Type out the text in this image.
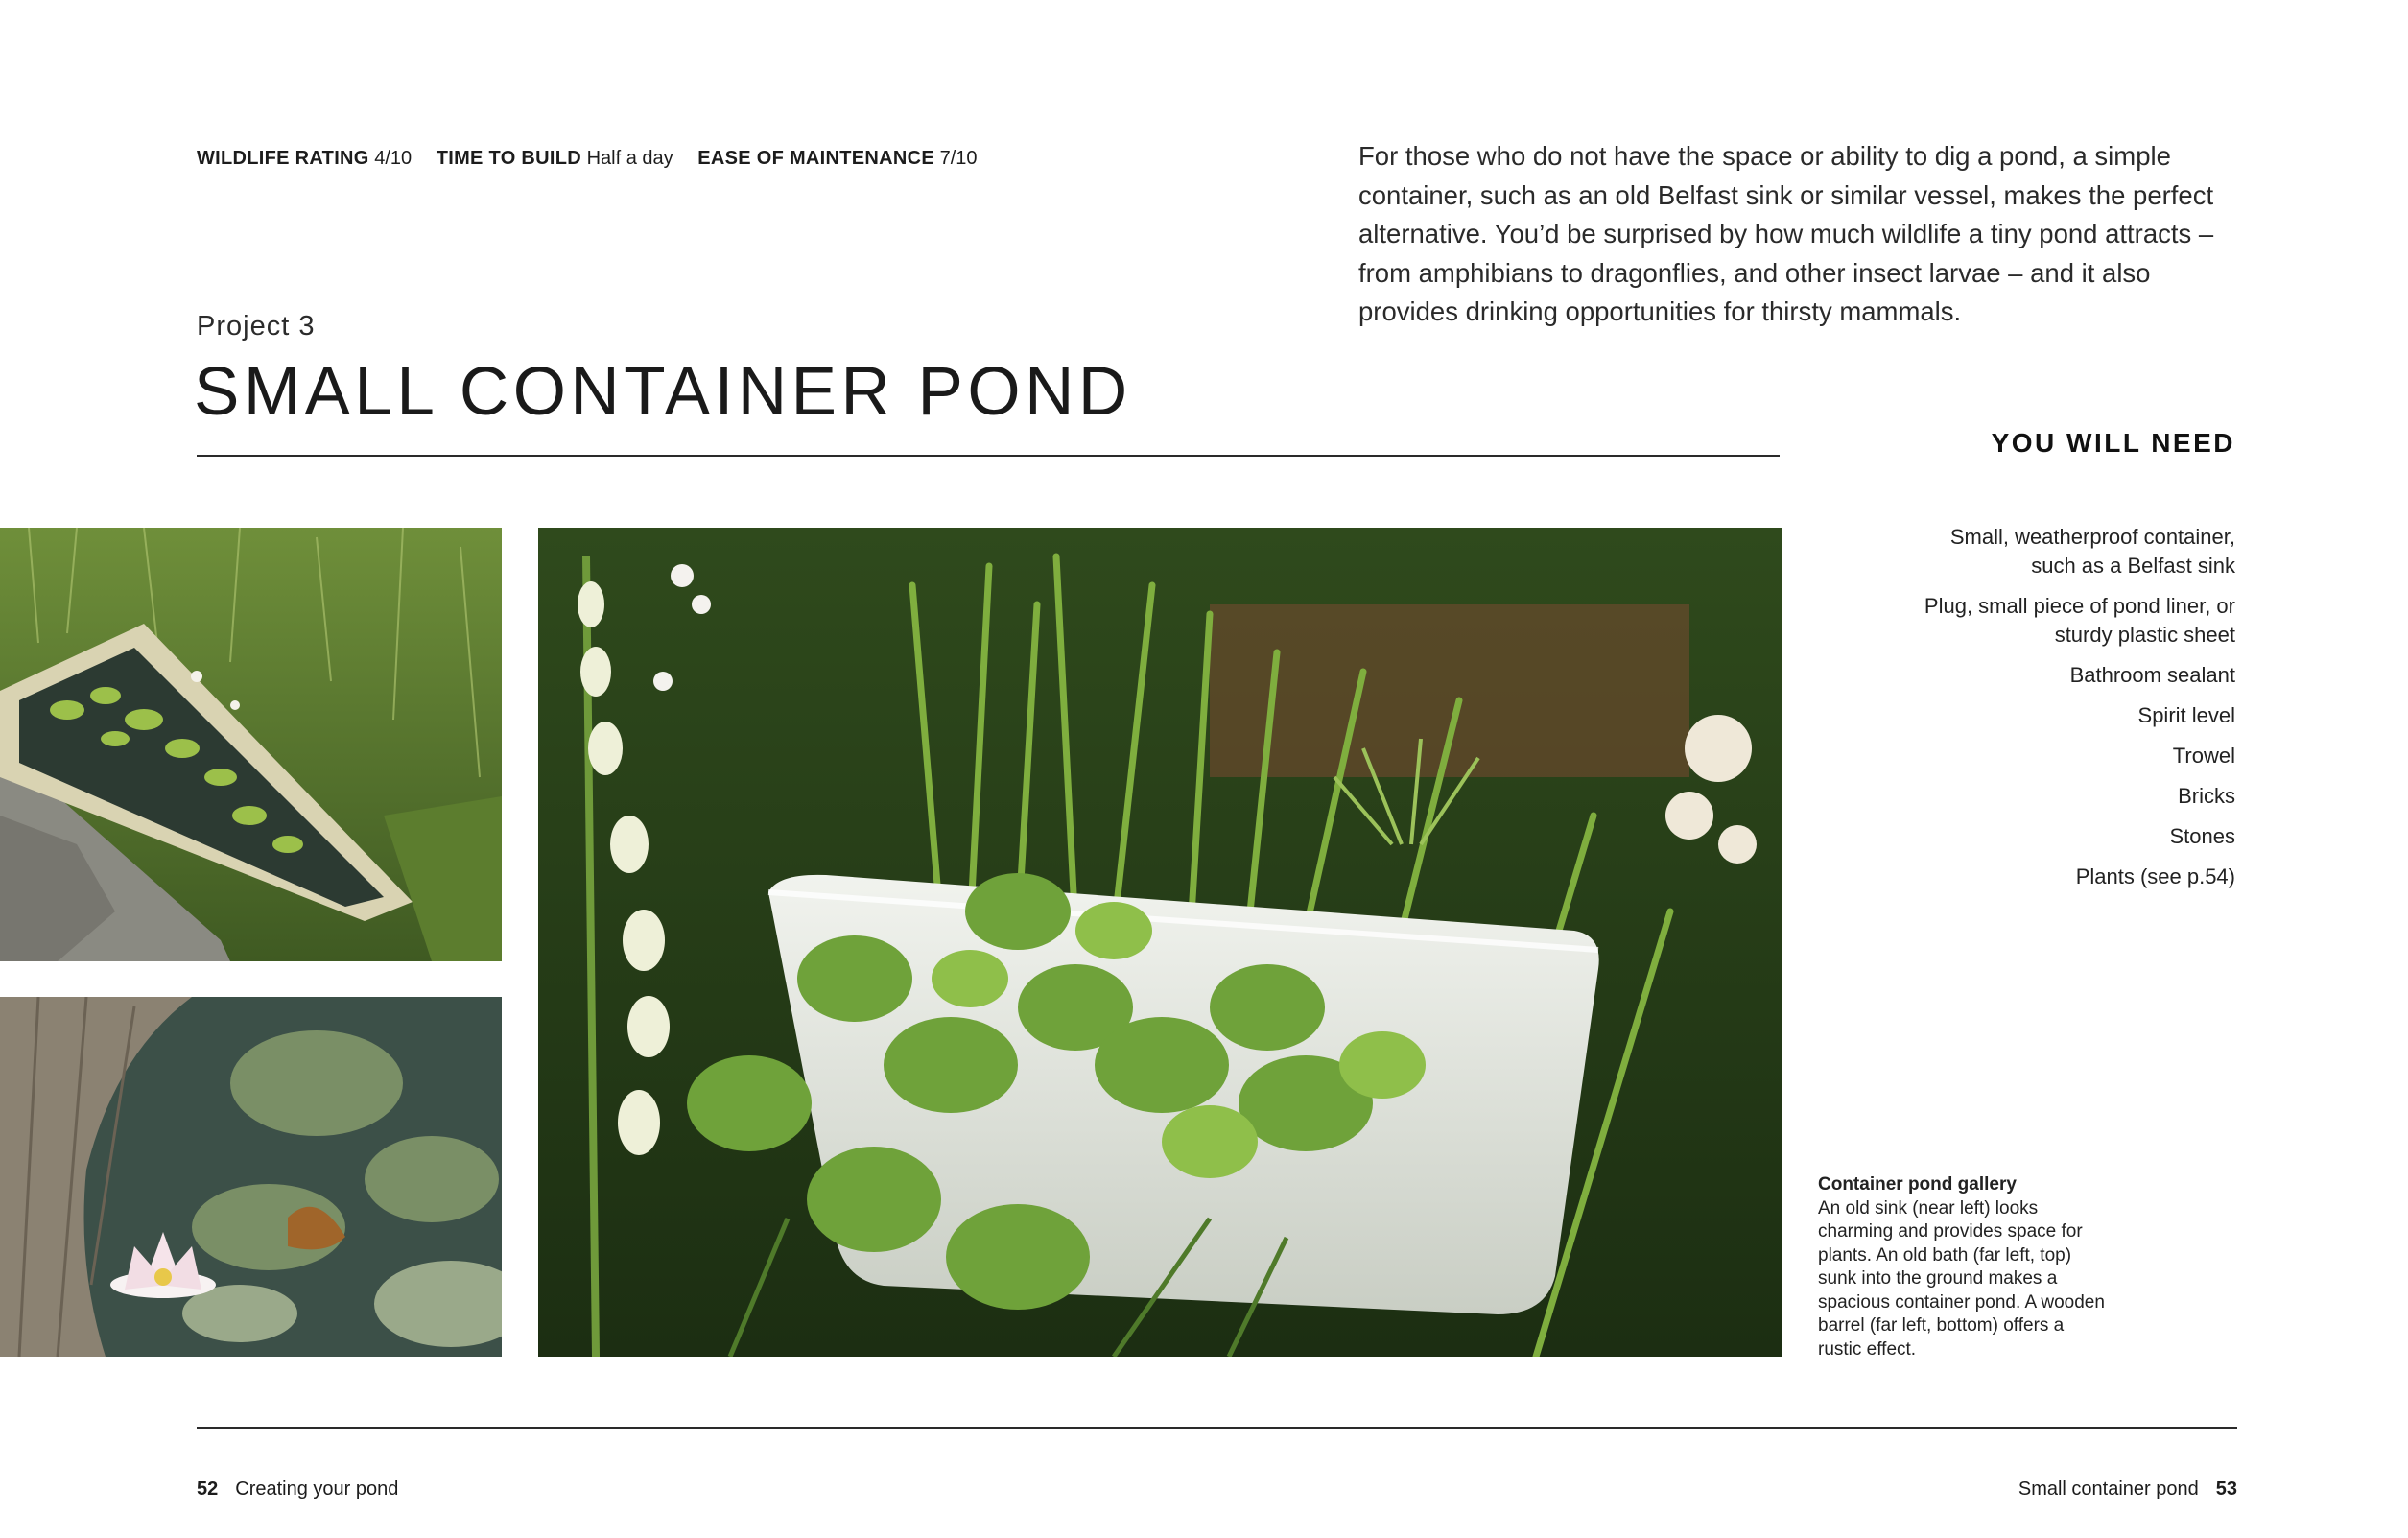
WILDLIFE RATING 4/10 TIME TO BUILD Half a day EASE OF MAINTENANCE 7/10	For those who do not have the space or ability to dig a pond, a simple container, such as an old Belfast sink or similar vessel, makes the perfect alternative. You’d be surprised by how much wildlife a tiny pond attracts – from amphibians to dragonflies, and other insect larvae – and it also provides drinking opportunities for thirsty mammals.

Project 3
SMALL CONTAINER POND
YOU WILL NEED
Small, weatherproof container, such as a Belfast sink
Plug, small piece of pond liner, or sturdy plastic sheet
Bathroom sealant
Spirit level
Trowel
Bricks
Stones
Plants (see p.54)
Container pond gallery
An old sink (near left) looks charming and provides space for plants. An old bath (far left, top) sunk into the ground makes a spacious container pond. A wooden barrel (far left, bottom) offers a rustic effect.
52 Creating your pond	Small container pond 53
